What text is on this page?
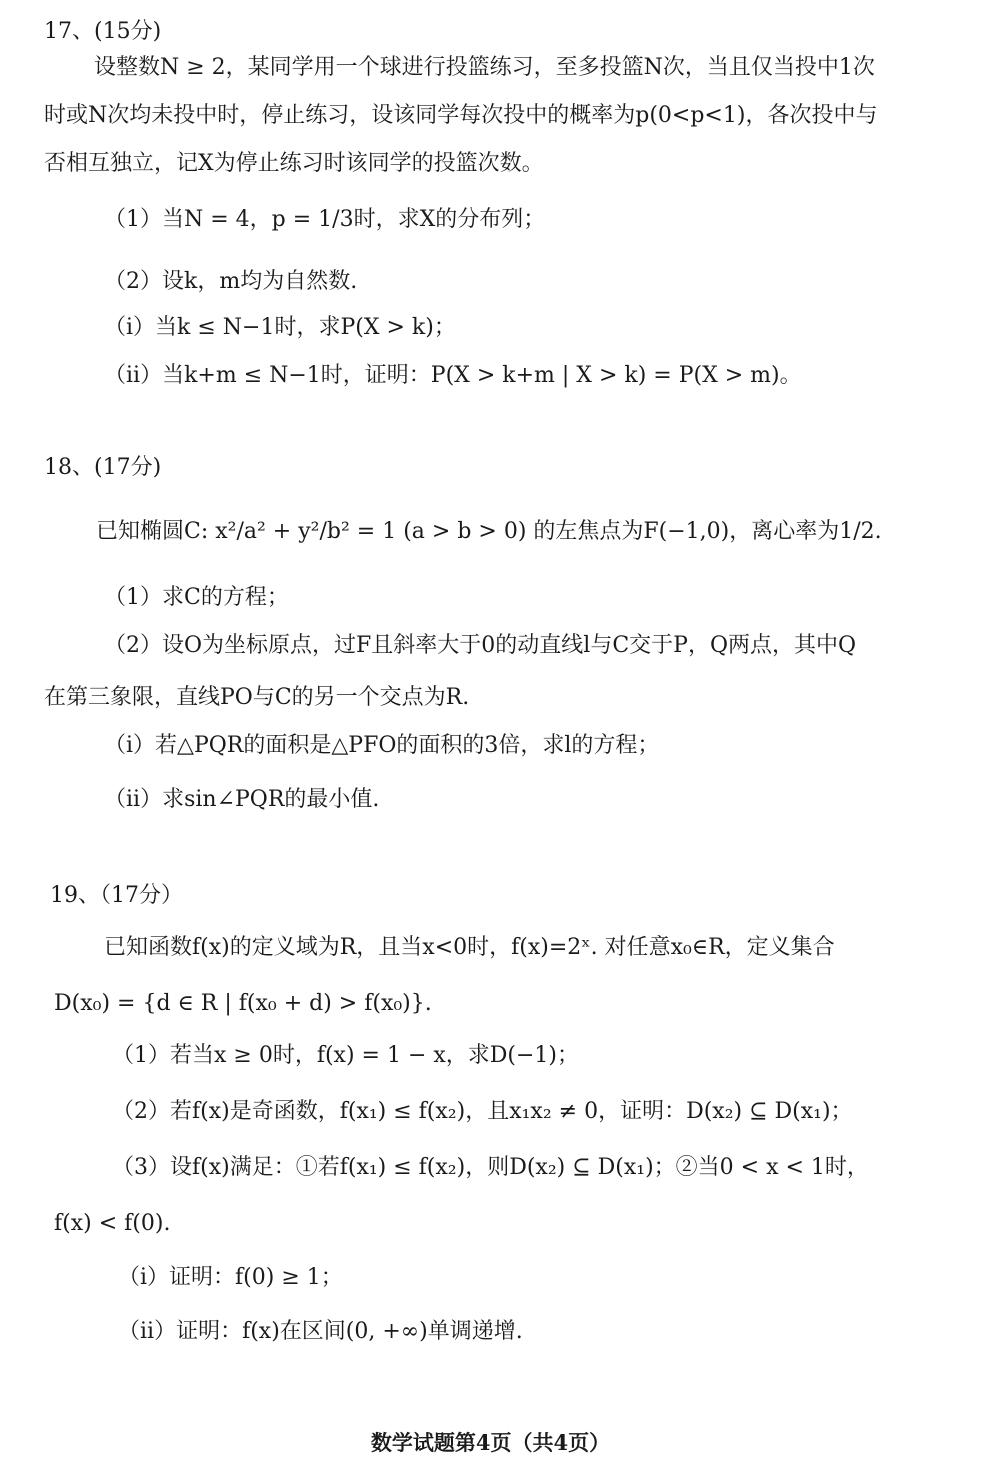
17、(15分)
设整数N ≥ 2，某同学用一个球进行投篮练习，至多投篮N次，当且仅当投中1次
时或N次均未投中时，停止练习，设该同学每次投中的概率为p(0<p<1)，各次投中与
否相互独立，记X为停止练习时该同学的投篮次数。
（1）当N = 4，p = 1/3时，求X的分布列；
（2）设k，m均为自然数.
（ⅰ）当k ≤ N−1时，求P(X > k)；
（ⅱ）当k+m ≤ N−1时，证明：P(X > k+m | X > k) = P(X > m)。
18、(17分)
已知椭圆C: x²/a² + y²/b² = 1 (a > b > 0) 的左焦点为F(−1,0)，离心率为1/2.
（1）求C的方程；
（2）设O为坐标原点，过F且斜率大于0的动直线l与C交于P，Q两点，其中Q
在第三象限，直线PO与C的另一个交点为R.
（ⅰ）若△PQR的面积是△PFO的面积的3倍，求l的方程；
（ⅱ）求sin∠PQR的最小值.
19、（17分）
已知函数f(x)的定义域为R，且当x<0时，f(x)=2ˣ. 对任意x₀∈R，定义集合
D(x₀) = {d ∈ R | f(x₀ + d) > f(x₀)}.
（1）若当x ≥ 0时，f(x) = 1 − x，求D(−1)；
（2）若f(x)是奇函数，f(x₁) ≤ f(x₂)，且x₁x₂ ≠ 0，证明：D(x₂) ⊆ D(x₁)；
（3）设f(x)满足：①若f(x₁) ≤ f(x₂)，则D(x₂) ⊆ D(x₁)；②当0 < x < 1时，
f(x) < f(0).
（ⅰ）证明：f(0) ≥ 1；
（ⅱ）证明：f(x)在区间(0, +∞)单调递增.
数学试题第4页（共4页）
